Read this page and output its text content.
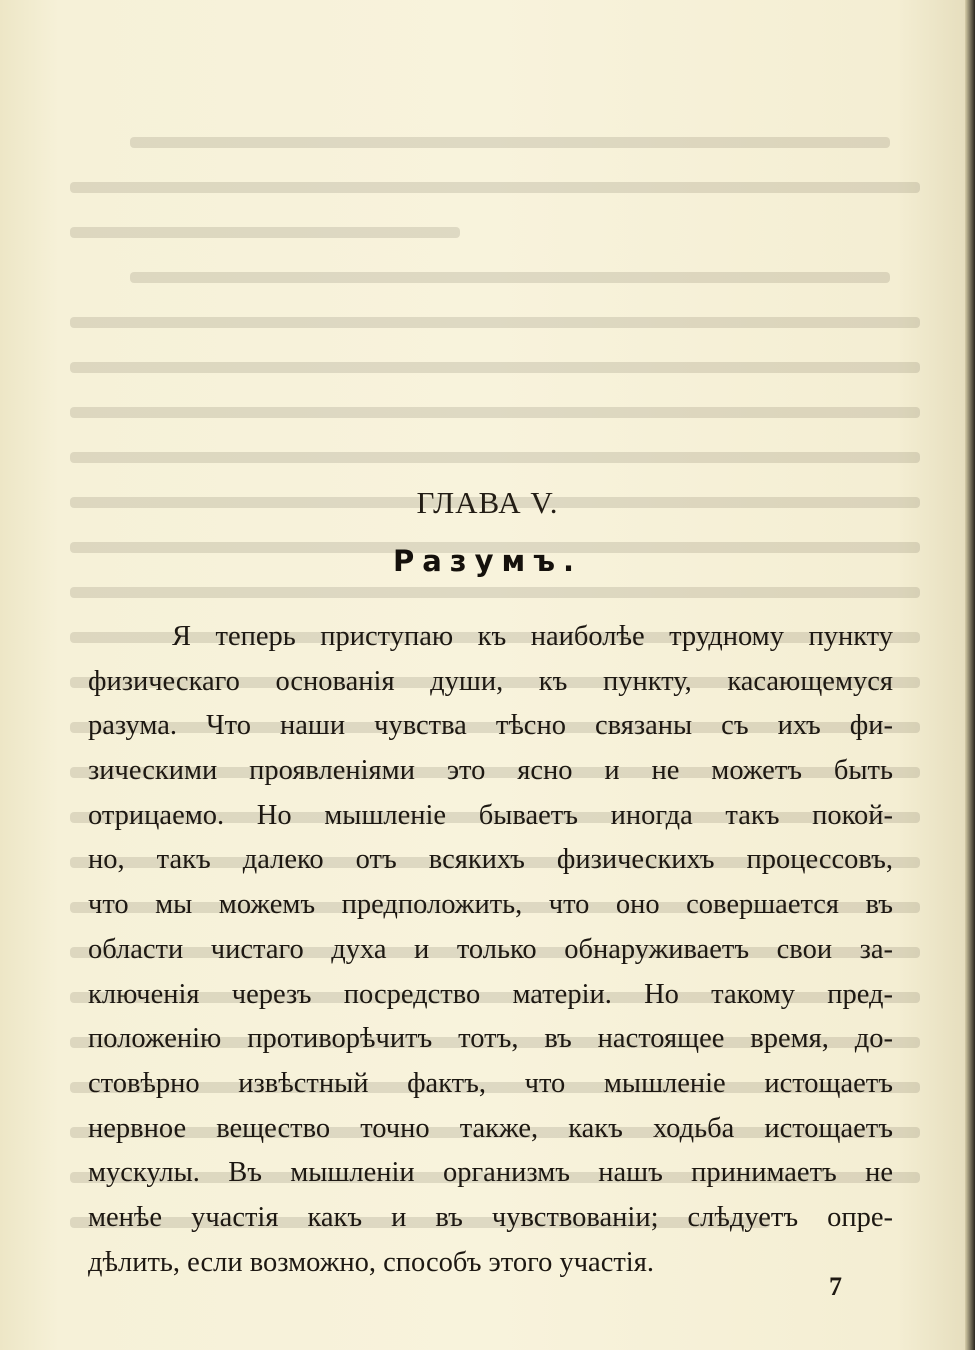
ГЛАВА V.
Разумъ.
Я теперь приступаю къ наиболѣе трудному пункту
физическаго основанія души, къ пункту, касающемуся
разума. Что наши чувства тѣсно связаны съ ихъ фи-
зическими проявленіями это ясно и не можетъ быть
отрицаемо. Но мышленіе бываетъ иногда такъ покой-
но, такъ далеко отъ всякихъ физическихъ процессовъ,
что мы можемъ предположить, что оно совершается въ
области чистаго духа и только обнаруживаетъ свои за-
ключенія черезъ посредство матеріи. Но такому пред-
положенію противорѣчитъ тотъ, въ настоящее время, до-
стовѣрно извѣстный фактъ, что мышленіе истощаетъ
нервное вещество точно также, какъ ходьба истощаетъ
мускулы. Въ мышленіи организмъ нашъ принимаетъ не
менѣе участія какъ и въ чувствованіи; слѣдуетъ опре-
дѣлить, если возможно, способъ этого участія.
7
